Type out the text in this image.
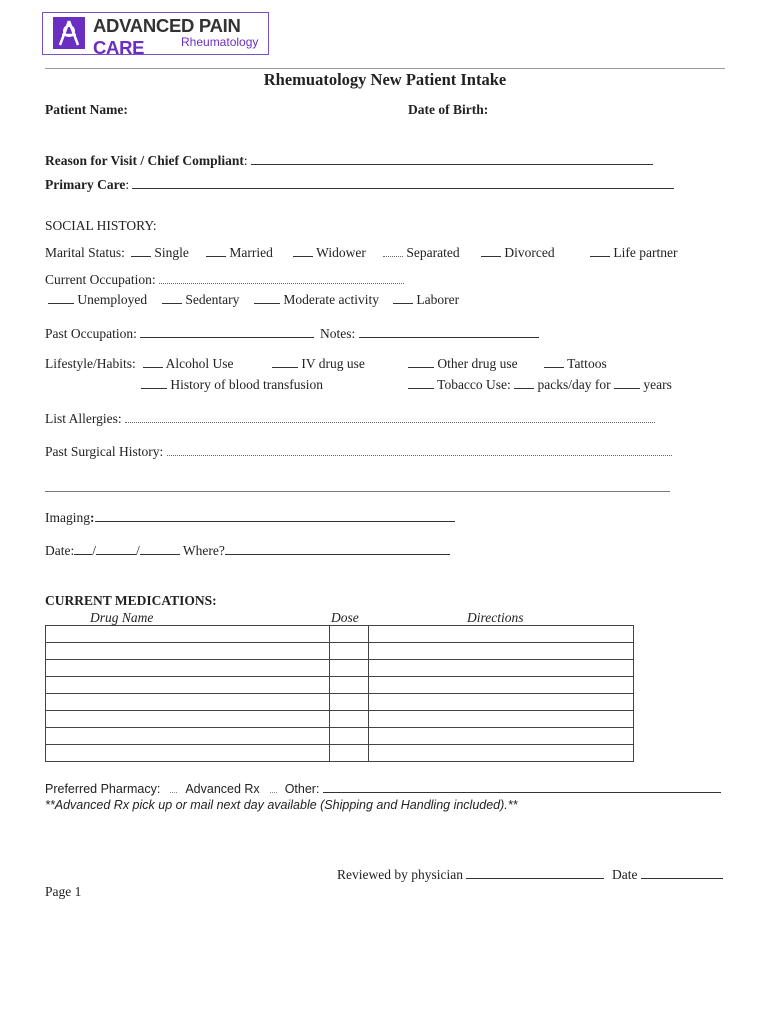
ADVANCED PAIN CARE	Rheumatology
Rhemuatology New Patient Intake
Patient Name:	Date of Birth:
Reason for Visit / Chief Compliant:
Primary Care:
SOCIAL HISTORY:
Marital Status:	Single	Married	Widower	Separated	Divorced	Life partner
Current Occupation:
Unemployed	Sedentary	Moderate activity	Laborer
Past Occupation:	Notes:
Lifestyle/Habits:	Alcohol Use	IV drug use	Other drug use	Tattoos
History of blood transfusion	Tobacco Use: packs/day for years
List Allergies:
Past Surgical History:
Imaging:
Date: /	/	Where?
CURRENT MEDICATIONS:
Drug Name	Dose	Directions

Preferred Pharmacy: Advanced Rx Other:
**Advanced Rx pick up or mail next day available (Shipping and Handling included).**
Reviewed by physician	Date
Page 1
